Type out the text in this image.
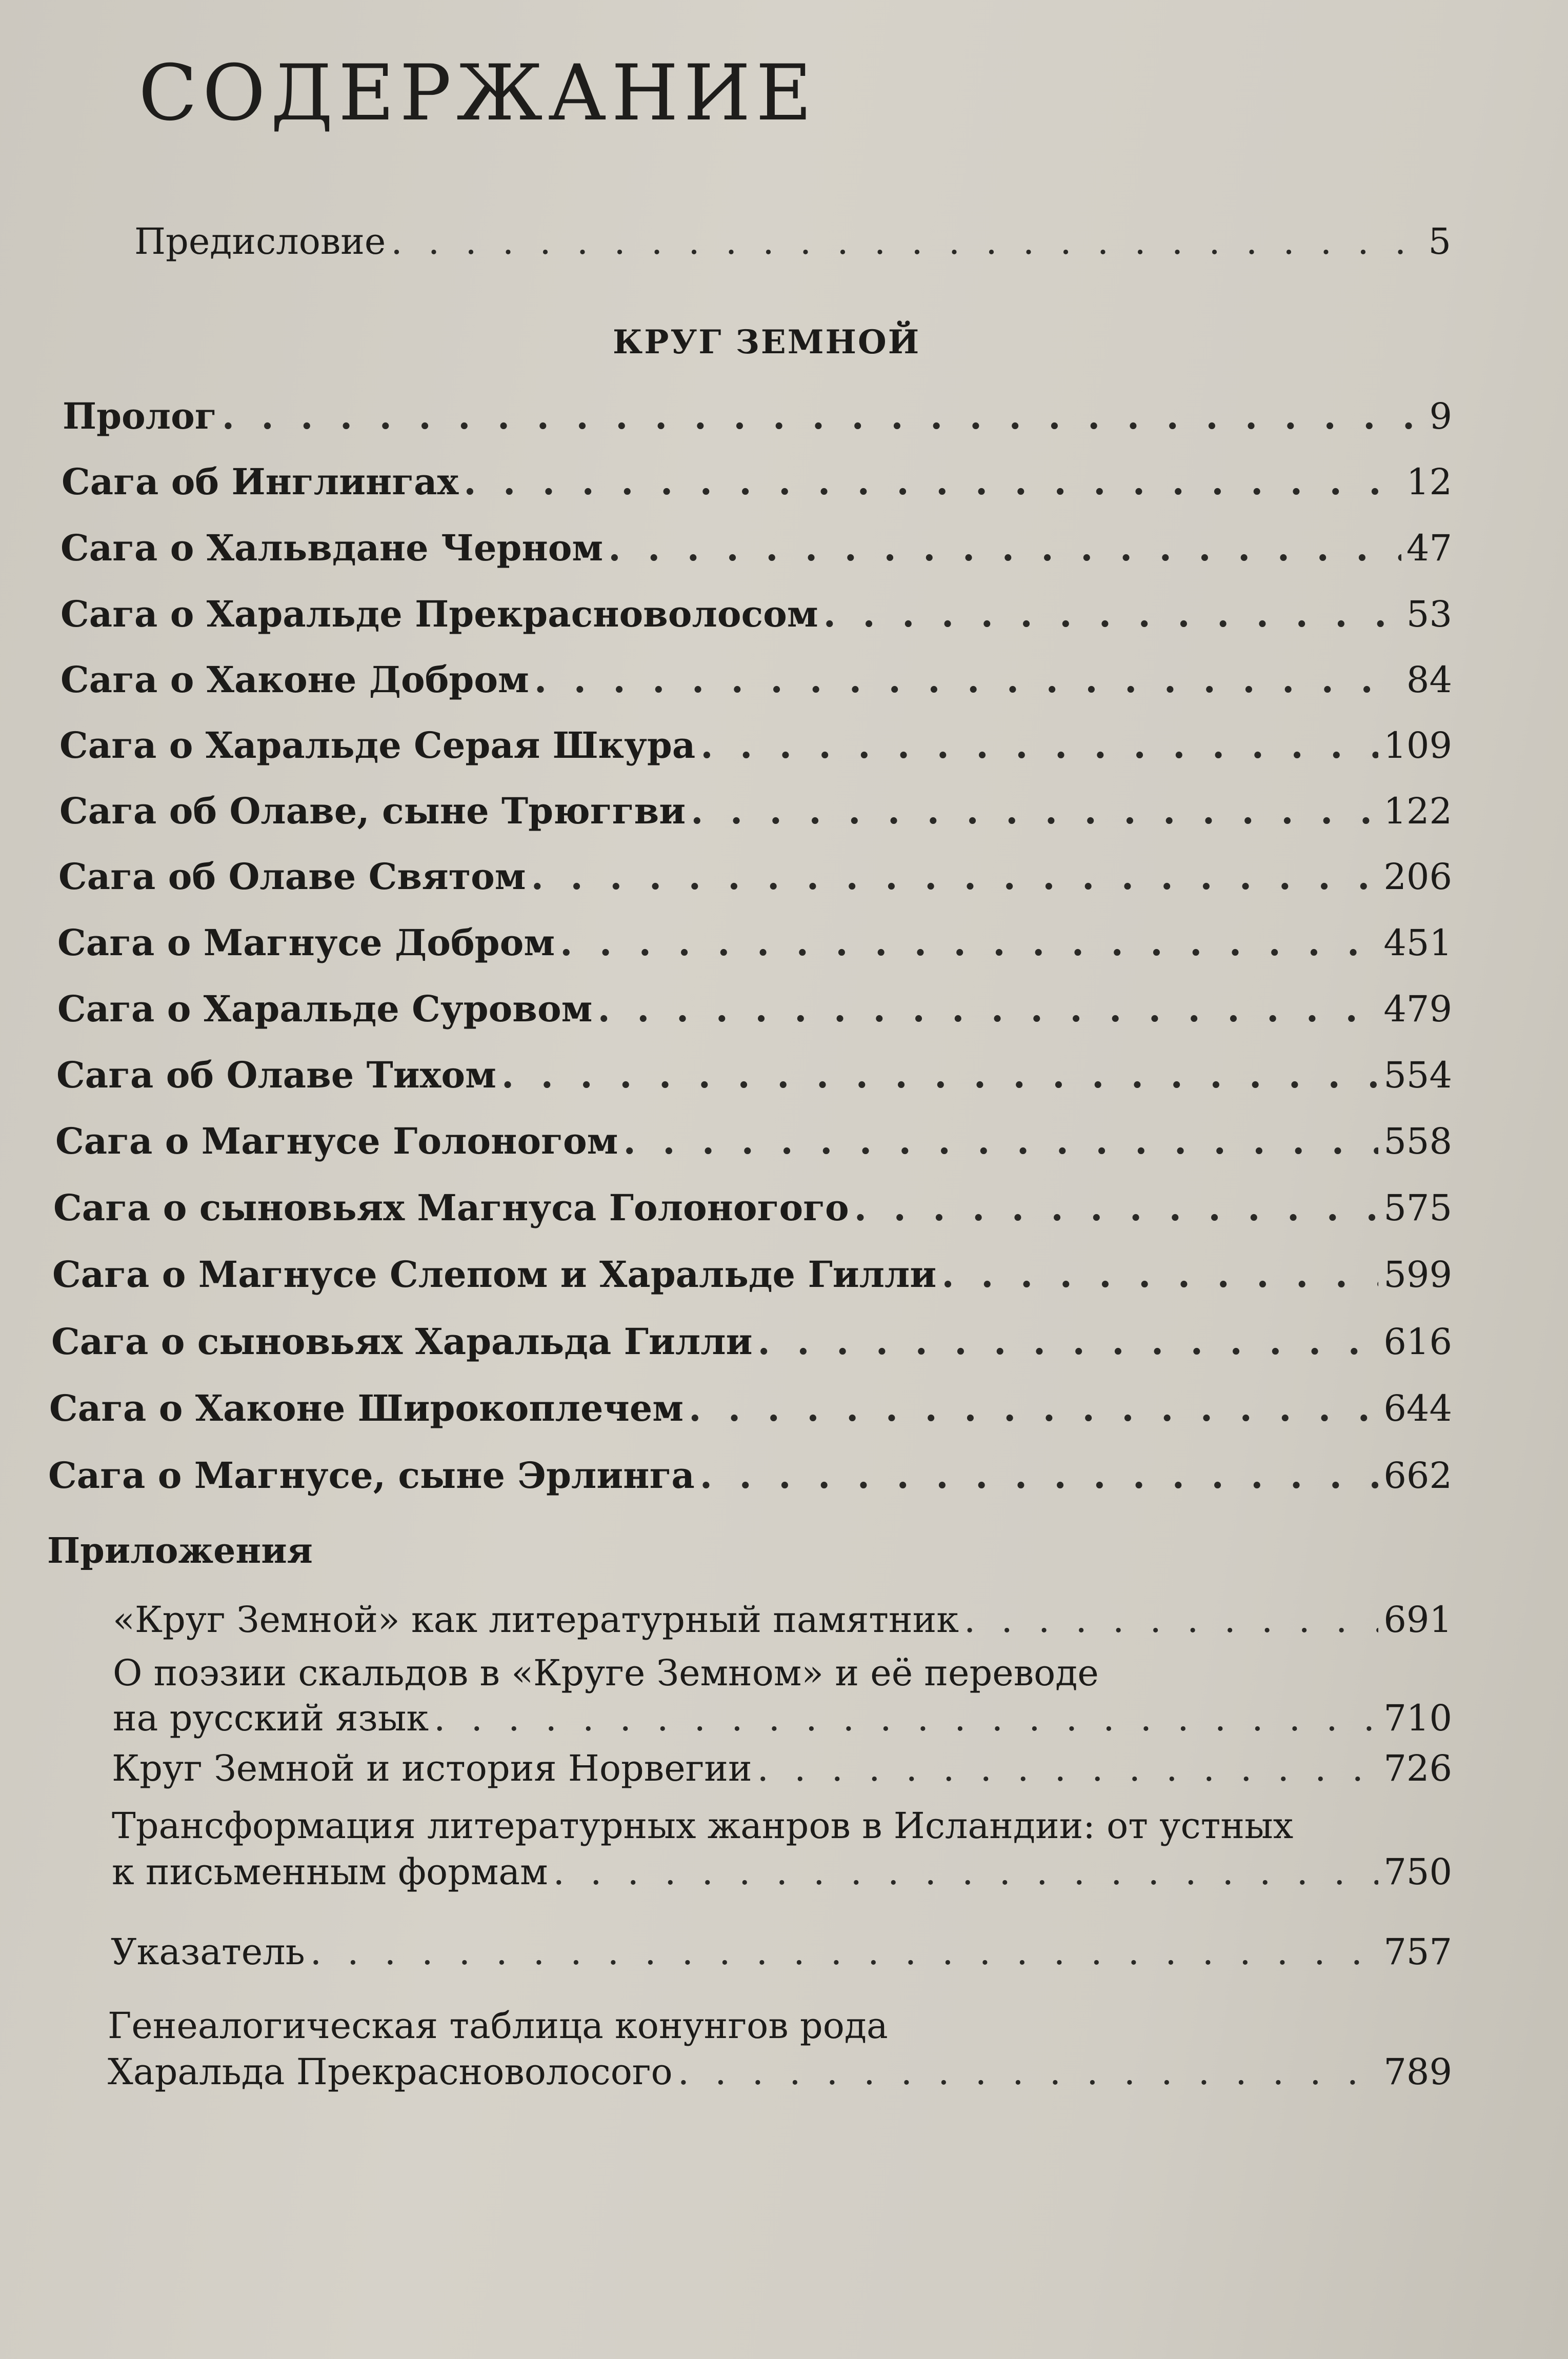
СОДЕРЖАНИЕ
Предисловие . . .	5
КРУГ ЗЕМНОЙ
Пролог . . .	9
Сага об Инглингах . . .	12
Сага о Хальвдане Черном . . .	47
Сага о Харальде Прекрасноволосом . . .	53
Сага о Хаконе Добром . . .	84
Сага о Харальде Серая Шкура . . .	109
Сага об Олаве, сыне Трюггви . . .	122
Сага об Олаве Святом . . .	206
Сага о Магнусе Добром . . .	451
Сага о Харальде Суровом . . .	479
Сага об Олаве Тихом . . .	554
Сага о Магнусе Голоногом . . .	558
Сага о сыновьях Магнуса Голоногого . . .	575
Сага о Магнусе Слепом и Харальде Гилли . . .	599
Сага о сыновьях Харальда Гилли . . .	616
Сага о Хаконе Широкоплечем . . .	644
Сага о Магнусе, сыне Эрлинга . . .	662
Приложения
«Круг Земной» как литературный памятник . . .	691
О поэзии скальдов в «Круге Земном» и её переводе
на русский язык . . .	710
Круг Земной и история Норвегии . . .	726
Трансформация литературных жанров в Исландии: от устных
к письменным формам . . .	750
Указатель . . .	757
Генеалогическая таблица конунгов рода
Харальда Прекрасноволосого . . .	789
